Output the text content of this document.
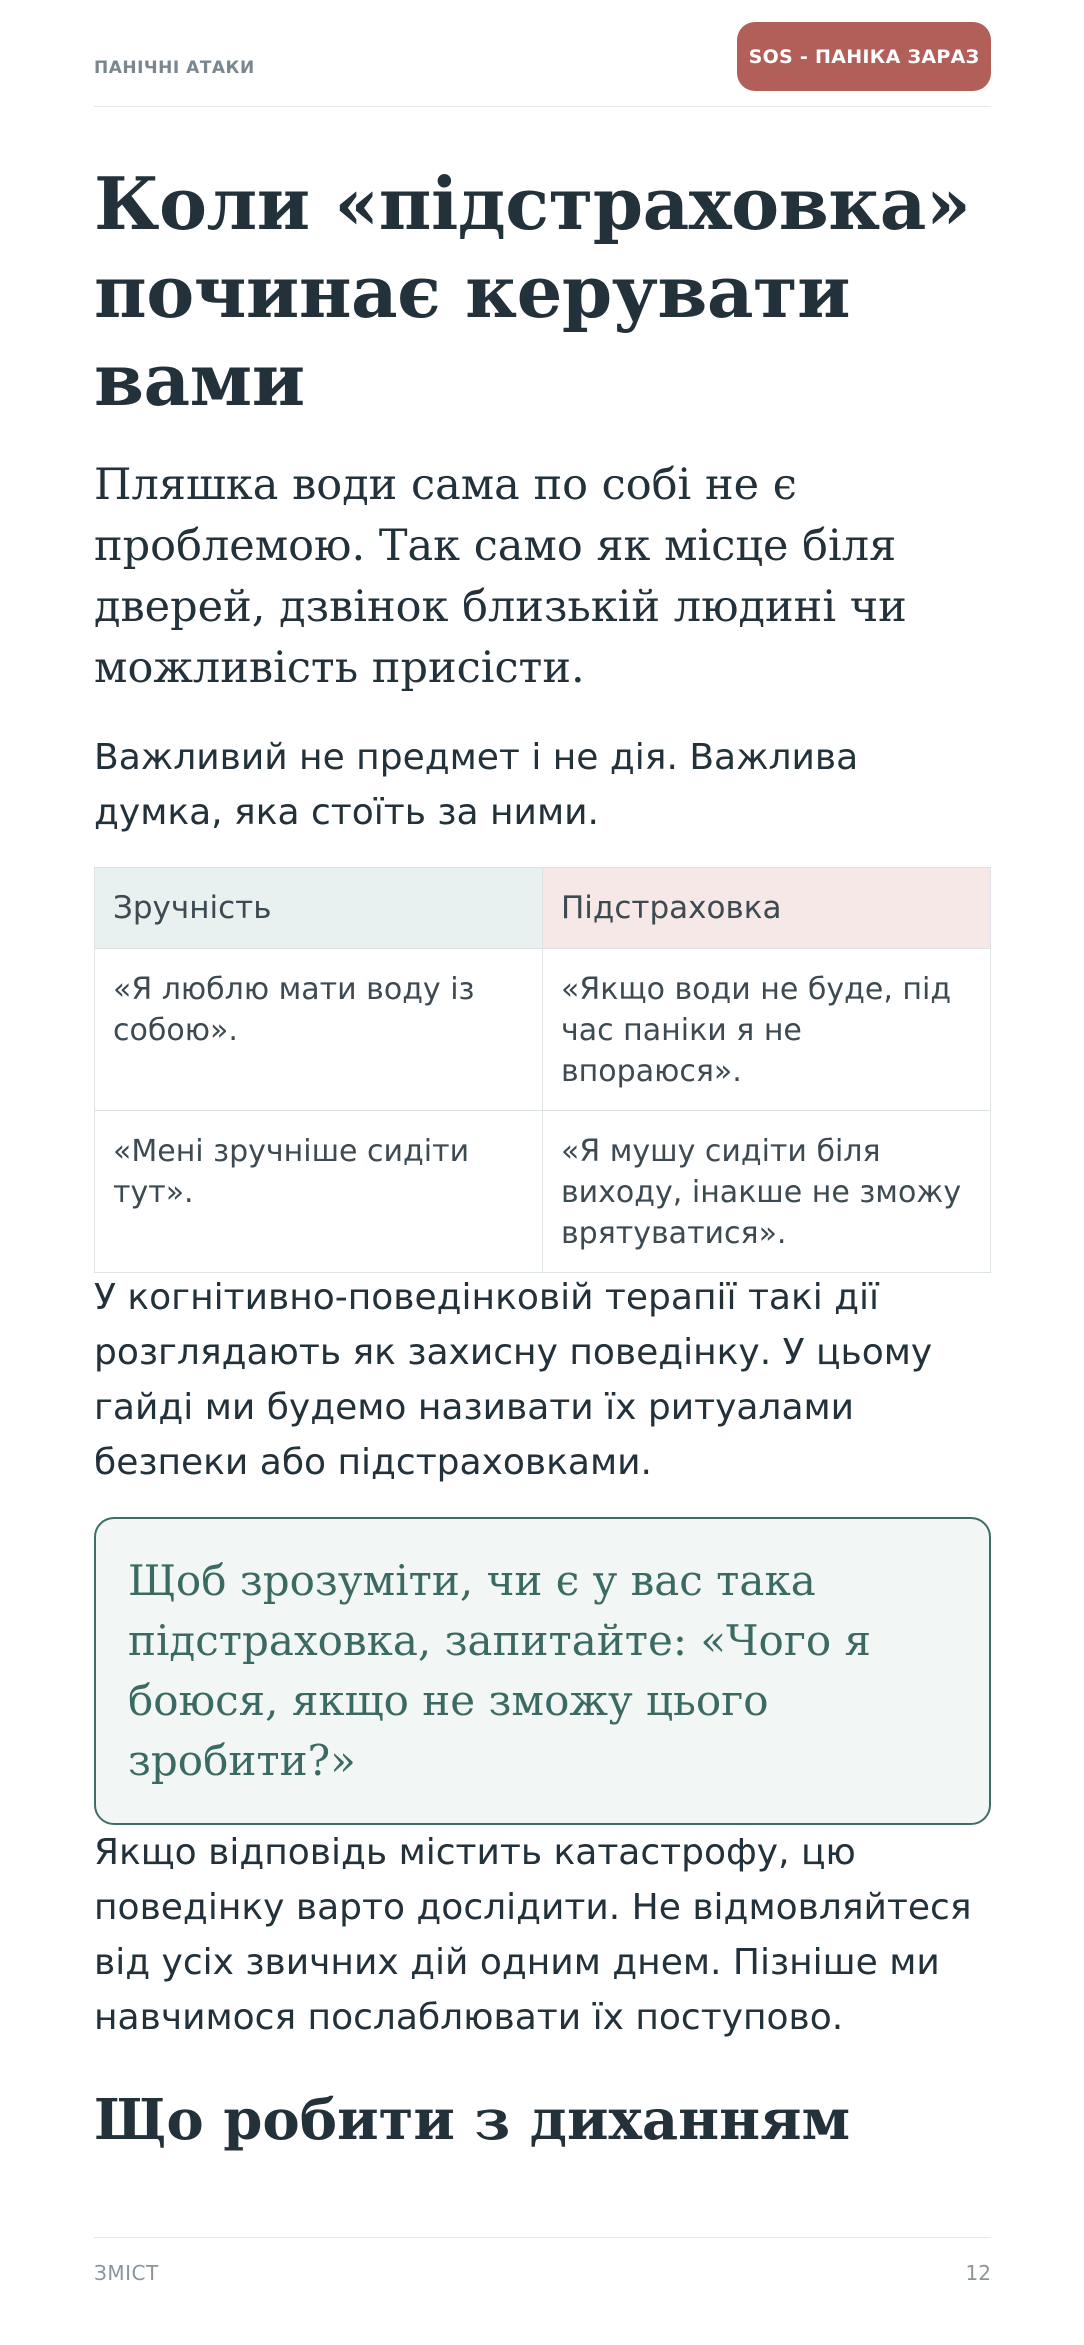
ПАНІЧНІ АТАКИ
SOS - ПАНІКА ЗАРАЗ
Коли «підстраховка» починає керувати вами

Пляшка води сама по собі не є проблемою. Так само як місце біля дверей, дзвінок близькій людині чи можливість присісти.

Важливий не предмет і не дія. Важлива думка, яка стоїть за ними.

Зручність	Підстраховка
«Я люблю мати воду із собою».	«Якщо води не буде, під час паніки я не впораюся».
«Мені зручніше сидіти тут».	«Я мушу сидіти біля виходу, інакше не зможу врятуватися».

У когнітивно-поведінковій терапії такі дії розглядають як захисну поведінку. У цьому гайді ми будемо називати їх ритуалами безпеки або підстраховками.

Щоб зрозуміти, чи є у вас така підстраховка, запитайте: «Чого я боюся, якщо не зможу цього зробити?»

Якщо відповідь містить катастрофу, цю поведінку варто дослідити. Не відмовляйтеся від усіх звичних дій одним днем. Пізніше ми навчимося послаблювати їх поступово.

Що робити з диханням
ЗМІСТ	12
